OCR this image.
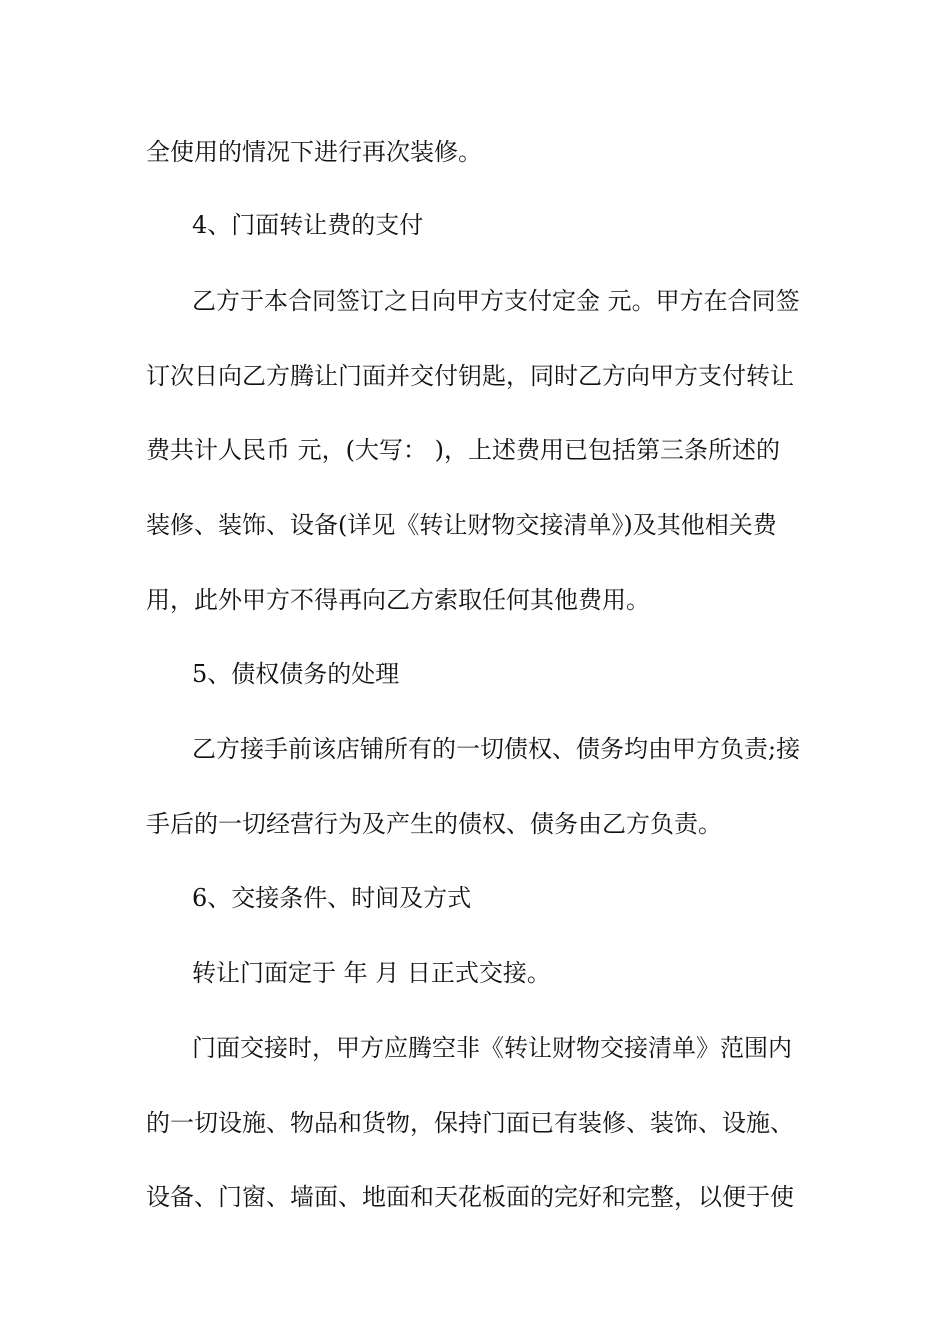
全使用的情况下进行再次装修。
4、门面转让费的支付
乙方于本合同签订之日向甲方支付定金 元。甲方在合同签
订次日向乙方腾让门面并交付钥匙，同时乙方向甲方支付转让
费共计人民币 元，(大写： )，上述费用已包括第三条所述的
装修、装饰、设备(详见《转让财物交接清单》)及其他相关费
用，此外甲方不得再向乙方索取任何其他费用。
5、债权债务的处理
乙方接手前该店铺所有的一切债权、债务均由甲方负责;接
手后的一切经营行为及产生的债权、债务由乙方负责。
6、交接条件、时间及方式
转让门面定于 年 月 日正式交接。
门面交接时，甲方应腾空非《转让财物交接清单》范围内
的一切设施、物品和货物，保持门面已有装修、装饰、设施、
设备、门窗、墙面、地面和天花板面的完好和完整，以便于使
